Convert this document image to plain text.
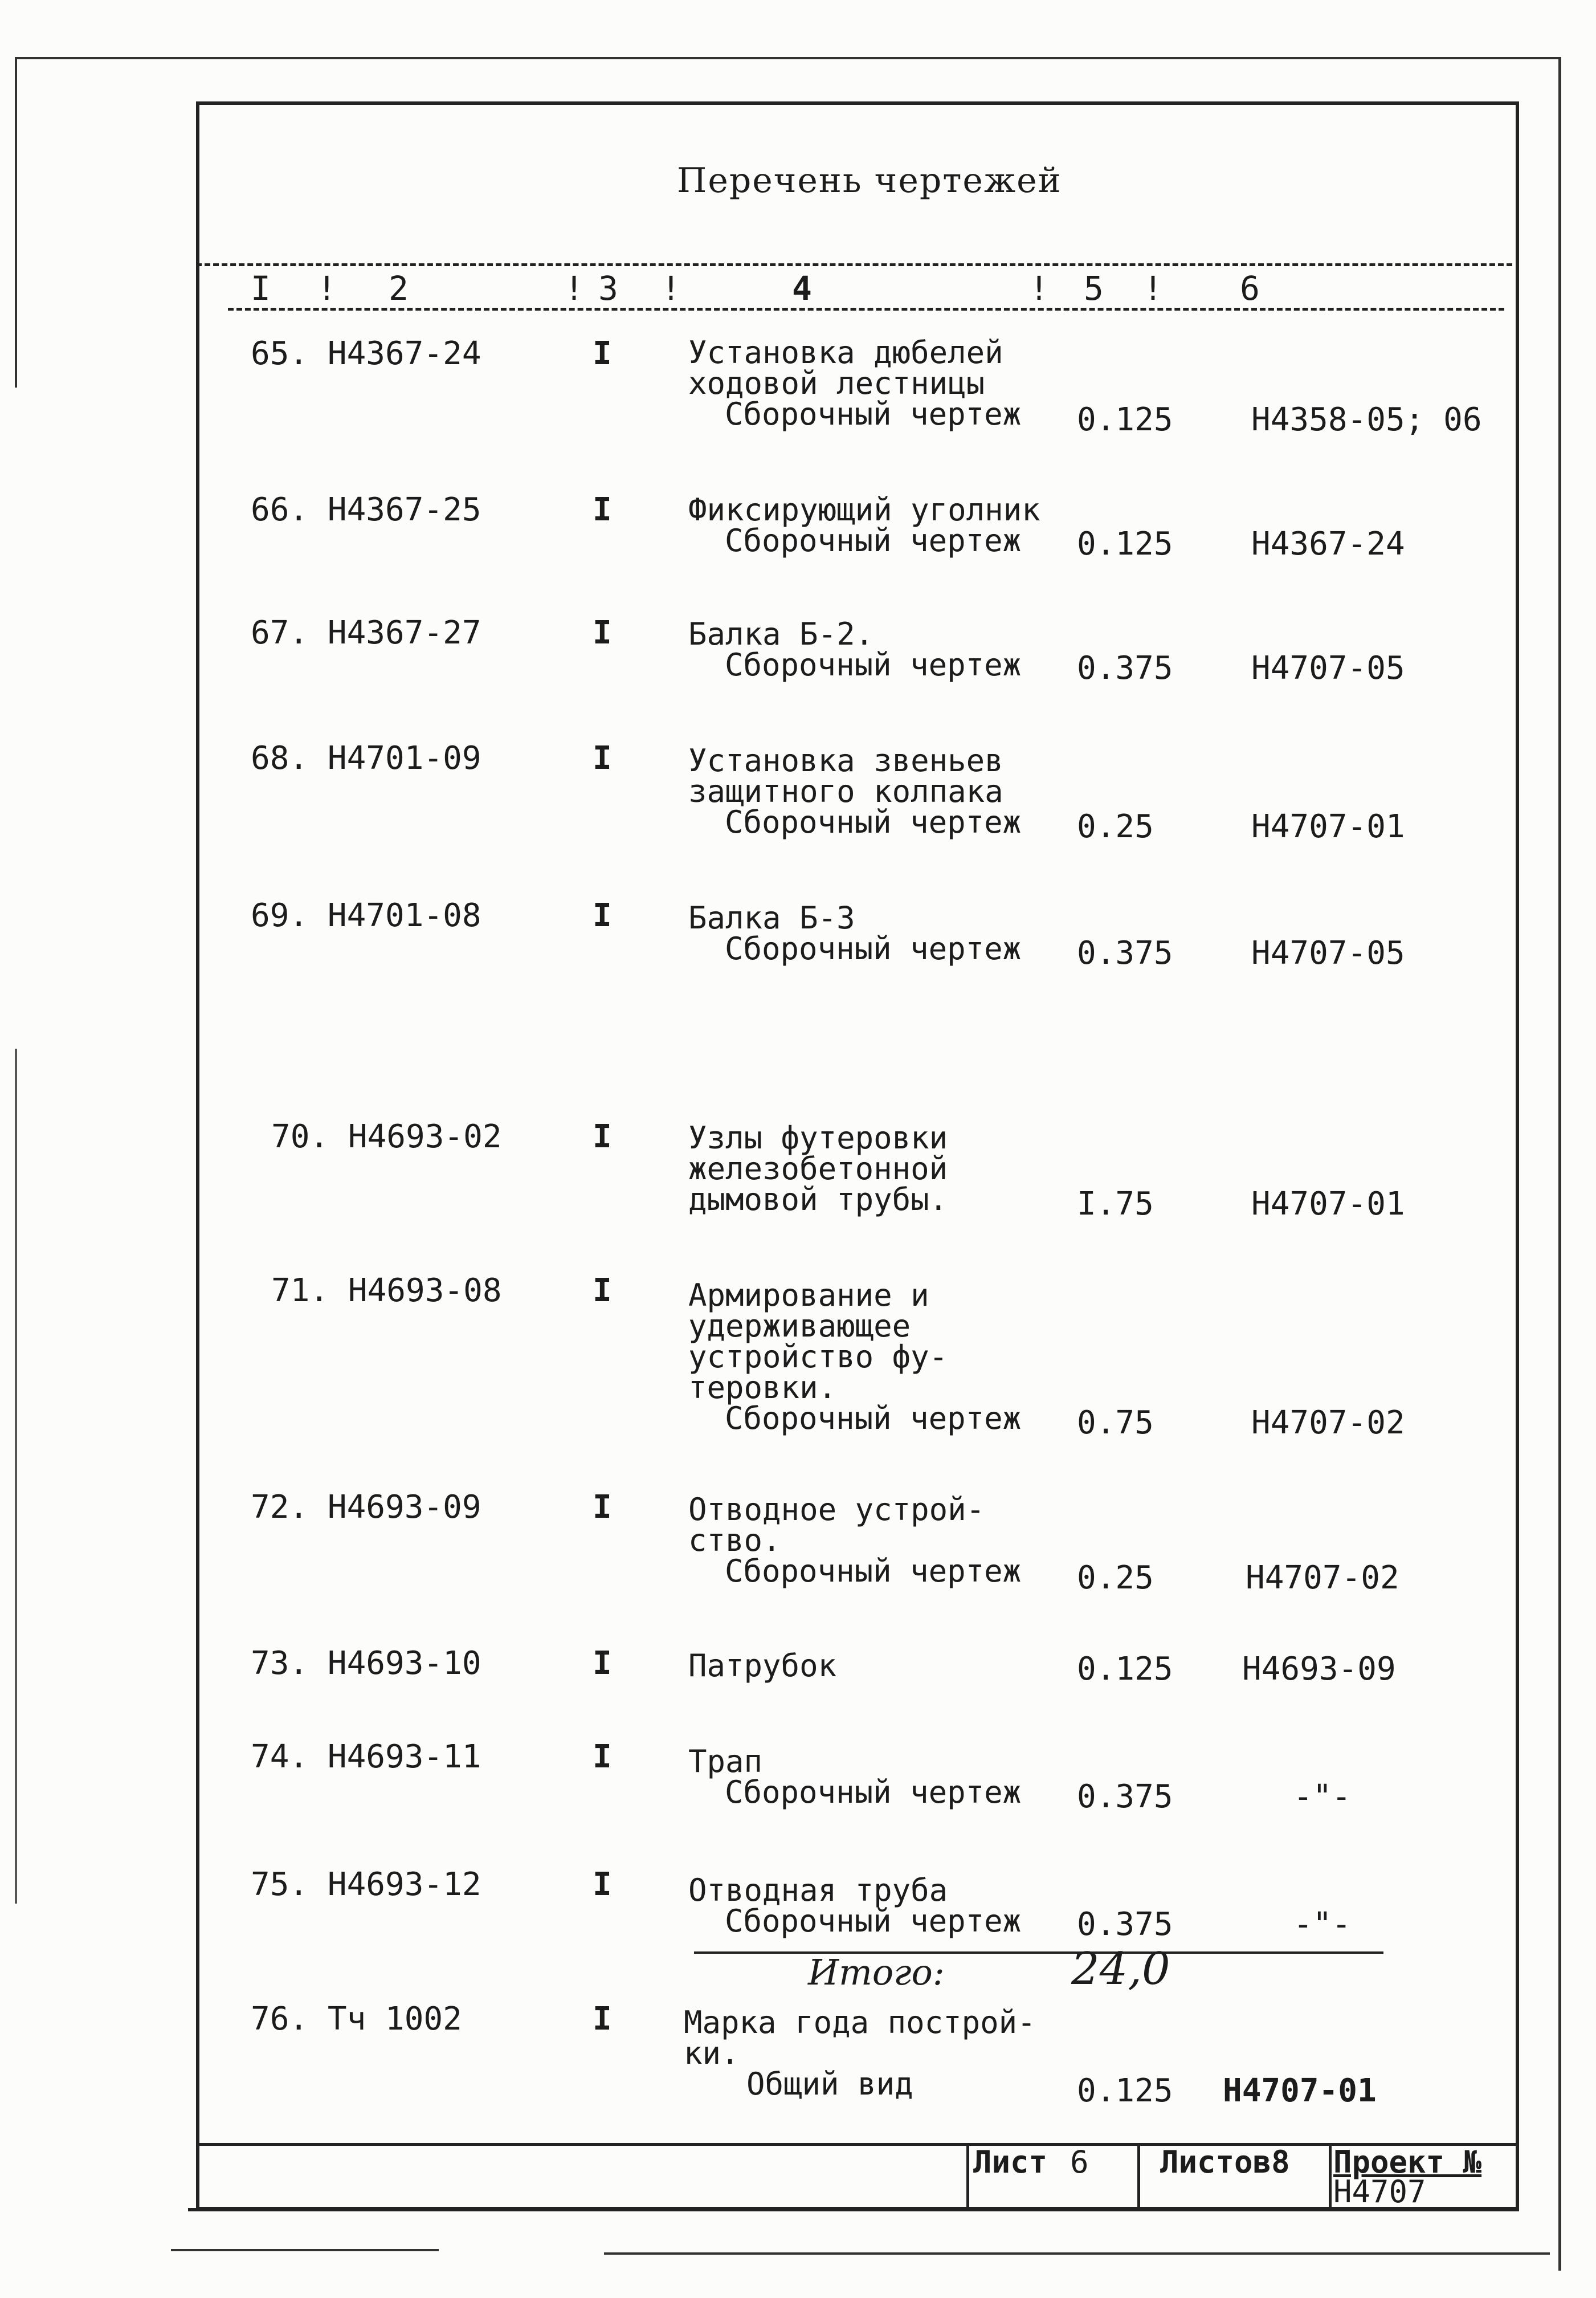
Перечень чертежей
I ! 2	! 3 !	4	! 5 ! 6
65. Н4367-24	I Установка дюбелей
ходовой лестницы
Сборочный чертеж 0.125 Н4358-05; 06
66. Н4367-25	I Фиксирующий уголник
Сборочный чертеж	0.125 Н4367-24
67. Н4367-27	I Балка Б-2.
Сборочный чертеж 0.375 Н4707-05
68. Н4701-09	I Установка звеньев
защитного колпака
Сборочный чертеж 0.25	Н4707-01
69. Н4701-08	I Балка Б-3
Сборочный чертеж 0.375 Н4707-05
70. Н4693-02	I Узлы футеровки
железобетонной
дымовой трубы.	I.75	Н4707-01
71. Н4693-08	I Армирование и
удерживающее
устройство фу-
теровки.
Сборочный чертеж 0.75	Н4707-02
72. Н4693-09	I Отводное устрой-
ство.
Сборочный чертеж 0.25	Н4707-02
73. Н4693-10	I Патрубок	0.125 Н4693-09
74. Н4693-11	I Трап
Сборочный чертеж 0.375	-"-
75. Н4693-12	I Отводная труба
Сборочный чертеж 0.375	-"-
Итого:	24,0
76. Тч 1002	I Марка года построй-
ки.
Общий вид	0.125 Н4707-01
Лист 6 Листов8 Проект №
Н4707
